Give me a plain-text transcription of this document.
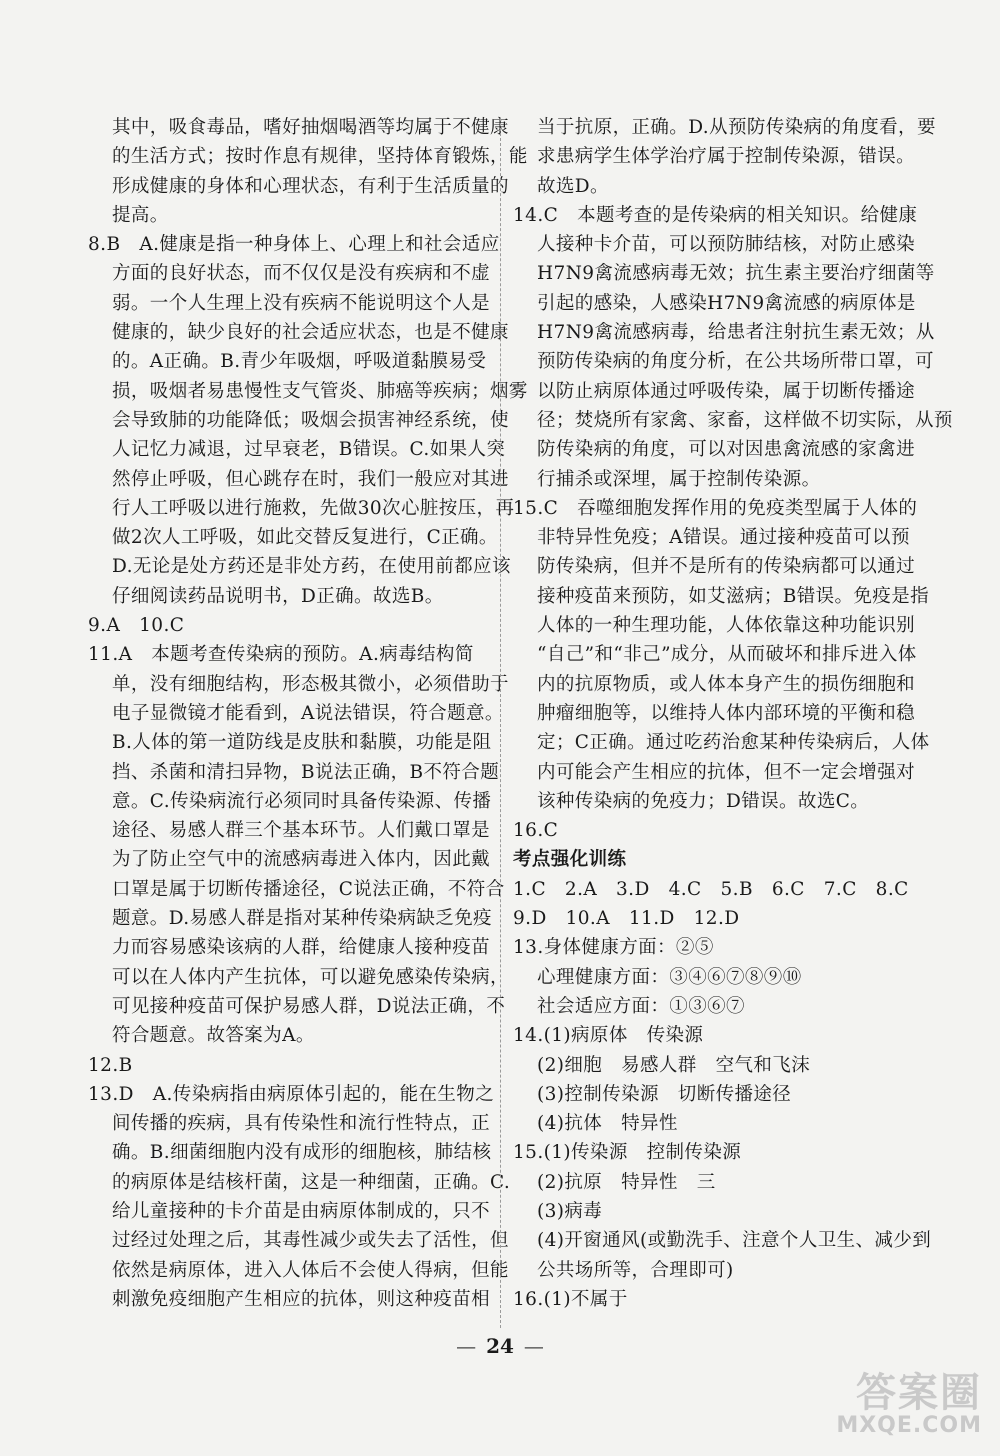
其中，吸食毒品，嗜好抽烟喝酒等均属于不健康
的生活方式；按时作息有规律，坚持体育锻炼，能
形成健康的身体和心理状态，有利于生活质量的
提高。
8.B　A.健康是指一种身体上、心理上和社会适应
方面的良好状态，而不仅仅是没有疾病和不虚
弱。一个人生理上没有疾病不能说明这个人是
健康的，缺少良好的社会适应状态，也是不健康
的。A正确。B.青少年吸烟，呼吸道黏膜易受
损，吸烟者易患慢性支气管炎、肺癌等疾病；烟雾
会导致肺的功能降低；吸烟会损害神经系统，使
人记忆力减退，过早衰老，B错误。C.如果人突
然停止呼吸，但心跳存在时，我们一般应对其进
行人工呼吸以进行施救，先做30次心脏按压，再
做2次人工呼吸，如此交替反复进行，C正确。
D.无论是处方药还是非处方药，在使用前都应该
仔细阅读药品说明书，D正确。故选B。
9.A　10.C
11.A　本题考查传染病的预防。A.病毒结构简
单，没有细胞结构，形态极其微小，必须借助于
电子显微镜才能看到，A说法错误，符合题意。
B.人体的第一道防线是皮肤和黏膜，功能是阻
挡、杀菌和清扫异物，B说法正确，B不符合题
意。C.传染病流行必须同时具备传染源、传播
途径、易感人群三个基本环节。人们戴口罩是
为了防止空气中的流感病毒进入体内，因此戴
口罩是属于切断传播途径，C说法正确，不符合
题意。D.易感人群是指对某种传染病缺乏免疫
力而容易感染该病的人群，给健康人接种疫苗
可以在人体内产生抗体，可以避免感染传染病，
可见接种疫苗可保护易感人群，D说法正确，不
符合题意。故答案为A。
12.B
13.D　A.传染病指由病原体引起的，能在生物之
间传播的疾病，具有传染性和流行性特点，正
确。B.细菌细胞内没有成形的细胞核，肺结核
的病原体是结核杆菌，这是一种细菌，正确。C.
给儿童接种的卡介苗是由病原体制成的，只不
过经过处理之后，其毒性减少或失去了活性，但
依然是病原体，进入人体后不会使人得病，但能
刺激免疫细胞产生相应的抗体，则这种疫苗相
当于抗原，正确。D.从预防传染病的角度看，要
求患病学生体学治疗属于控制传染源，错误。
故选D。
14.C　本题考查的是传染病的相关知识。给健康
人接种卡介苗，可以预防肺结核，对防止感染
H7N9禽流感病毒无效；抗生素主要治疗细菌等
引起的感染，人感染H7N9禽流感的病原体是
H7N9禽流感病毒，给患者注射抗生素无效；从
预防传染病的角度分析，在公共场所带口罩，可
以防止病原体通过呼吸传染，属于切断传播途
径；焚烧所有家禽、家畜，这样做不切实际，从预
防传染病的角度，可以对因患禽流感的家禽进
行捕杀或深埋，属于控制传染源。
15.C　吞噬细胞发挥作用的免疫类型属于人体的
非特异性免疫；A错误。通过接种疫苗可以预
防传染病，但并不是所有的传染病都可以通过
接种疫苗来预防，如艾滋病；B错误。免疫是指
人体的一种生理功能，人体依靠这种功能识别
“自己”和“非己”成分，从而破坏和排斥进入体
内的抗原物质，或人体本身产生的损伤细胞和
肿瘤细胞等，以维持人体内部环境的平衡和稳
定；C正确。通过吃药治愈某种传染病后，人体
内可能会产生相应的抗体，但不一定会增强对
该种传染病的免疫力；D错误。故选C。
16.C
考点强化训练
1.C　2.A　3.D　4.C　5.B　6.C　7.C　8.C
9.D　10.A　11.D　12.D
13.身体健康方面：②⑤
心理健康方面：③④⑥⑦⑧⑨⑩
社会适应方面：①③⑥⑦
14.(1)病原体　传染源
(2)细胞　易感人群　空气和飞沫
(3)控制传染源　切断传播途径
(4)抗体　特异性
15.(1)传染源　控制传染源
(2)抗原　特异性　三
(3)病毒
(4)开窗通风(或勤洗手、注意个人卫生、减少到
公共场所等，合理即可)
16.(1)不属于
— 24 —
答案圈
MXQE.COM
